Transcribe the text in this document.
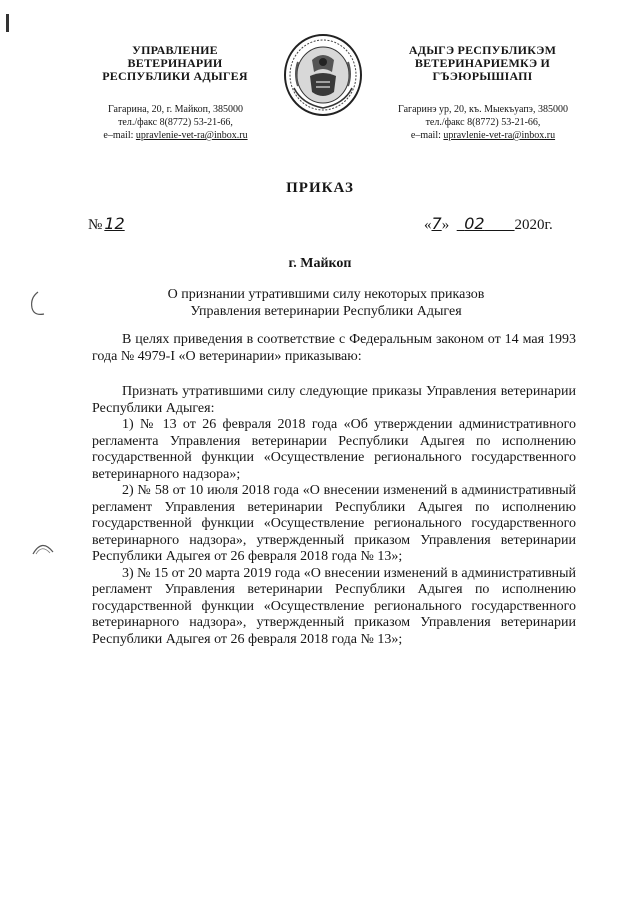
УПРАВЛЕНИЕ
ВЕТЕРИНАРИИ
РЕСПУБЛИКИ АДЫГЕЯ
АДЫГЭ РЕСПУБЛИКЭМ
ВЕТЕРИНАРИЕМКЭ И
ГЪЭЮРЫШІАПІ
Гагарина, 20, г. Майкоп, 385000
тел./факс 8(8772) 53-21-66,
e–mail: upravlenie-vet-ra@inbox.ru
Гагаринэ ур, 20, къ. Мыекъуапэ, 385000
тел./факс 8(8772) 53-21-66,
e–mail: upravlenie-vet-ra@inbox.ru
ПРИКАЗ
№ 12	«7» 02 2020г.
г. Майкоп
О признании утратившими силу некоторых приказов
Управления ветеринарии Республики Адыгея
В целях приведения в соответствие с Федеральным законом от 14 мая 1993 года № 4979-I «О ветеринарии» приказываю:
Признать утратившими силу следующие приказы Управления ветеринарии Республики Адыгея:
1) № 13 от 26 февраля 2018 года «Об утверждении административного регламента Управления ветеринарии Республики Адыгея по исполнению государственной функции «Осуществление регионального государственного ветеринарного надзора»;
2) № 58 от 10 июля 2018 года «О внесении изменений в административный регламент Управления ветеринарии Республики Адыгея по исполнению государственной функции «Осуществление регионального государственного ветеринарного надзора», утвержденный приказом Управления ветеринарии Республики Адыгея от 26 февраля 2018 года № 13»;
3) № 15 от 20 марта 2019 года «О внесении изменений в административный регламент Управления ветеринарии Республики Адыгея по исполнению государственной функции «Осуществление регионального государственного ветеринарного надзора», утвержденный приказом Управления ветеринарии Республики Адыгея от 26 февраля 2018 года № 13»;
